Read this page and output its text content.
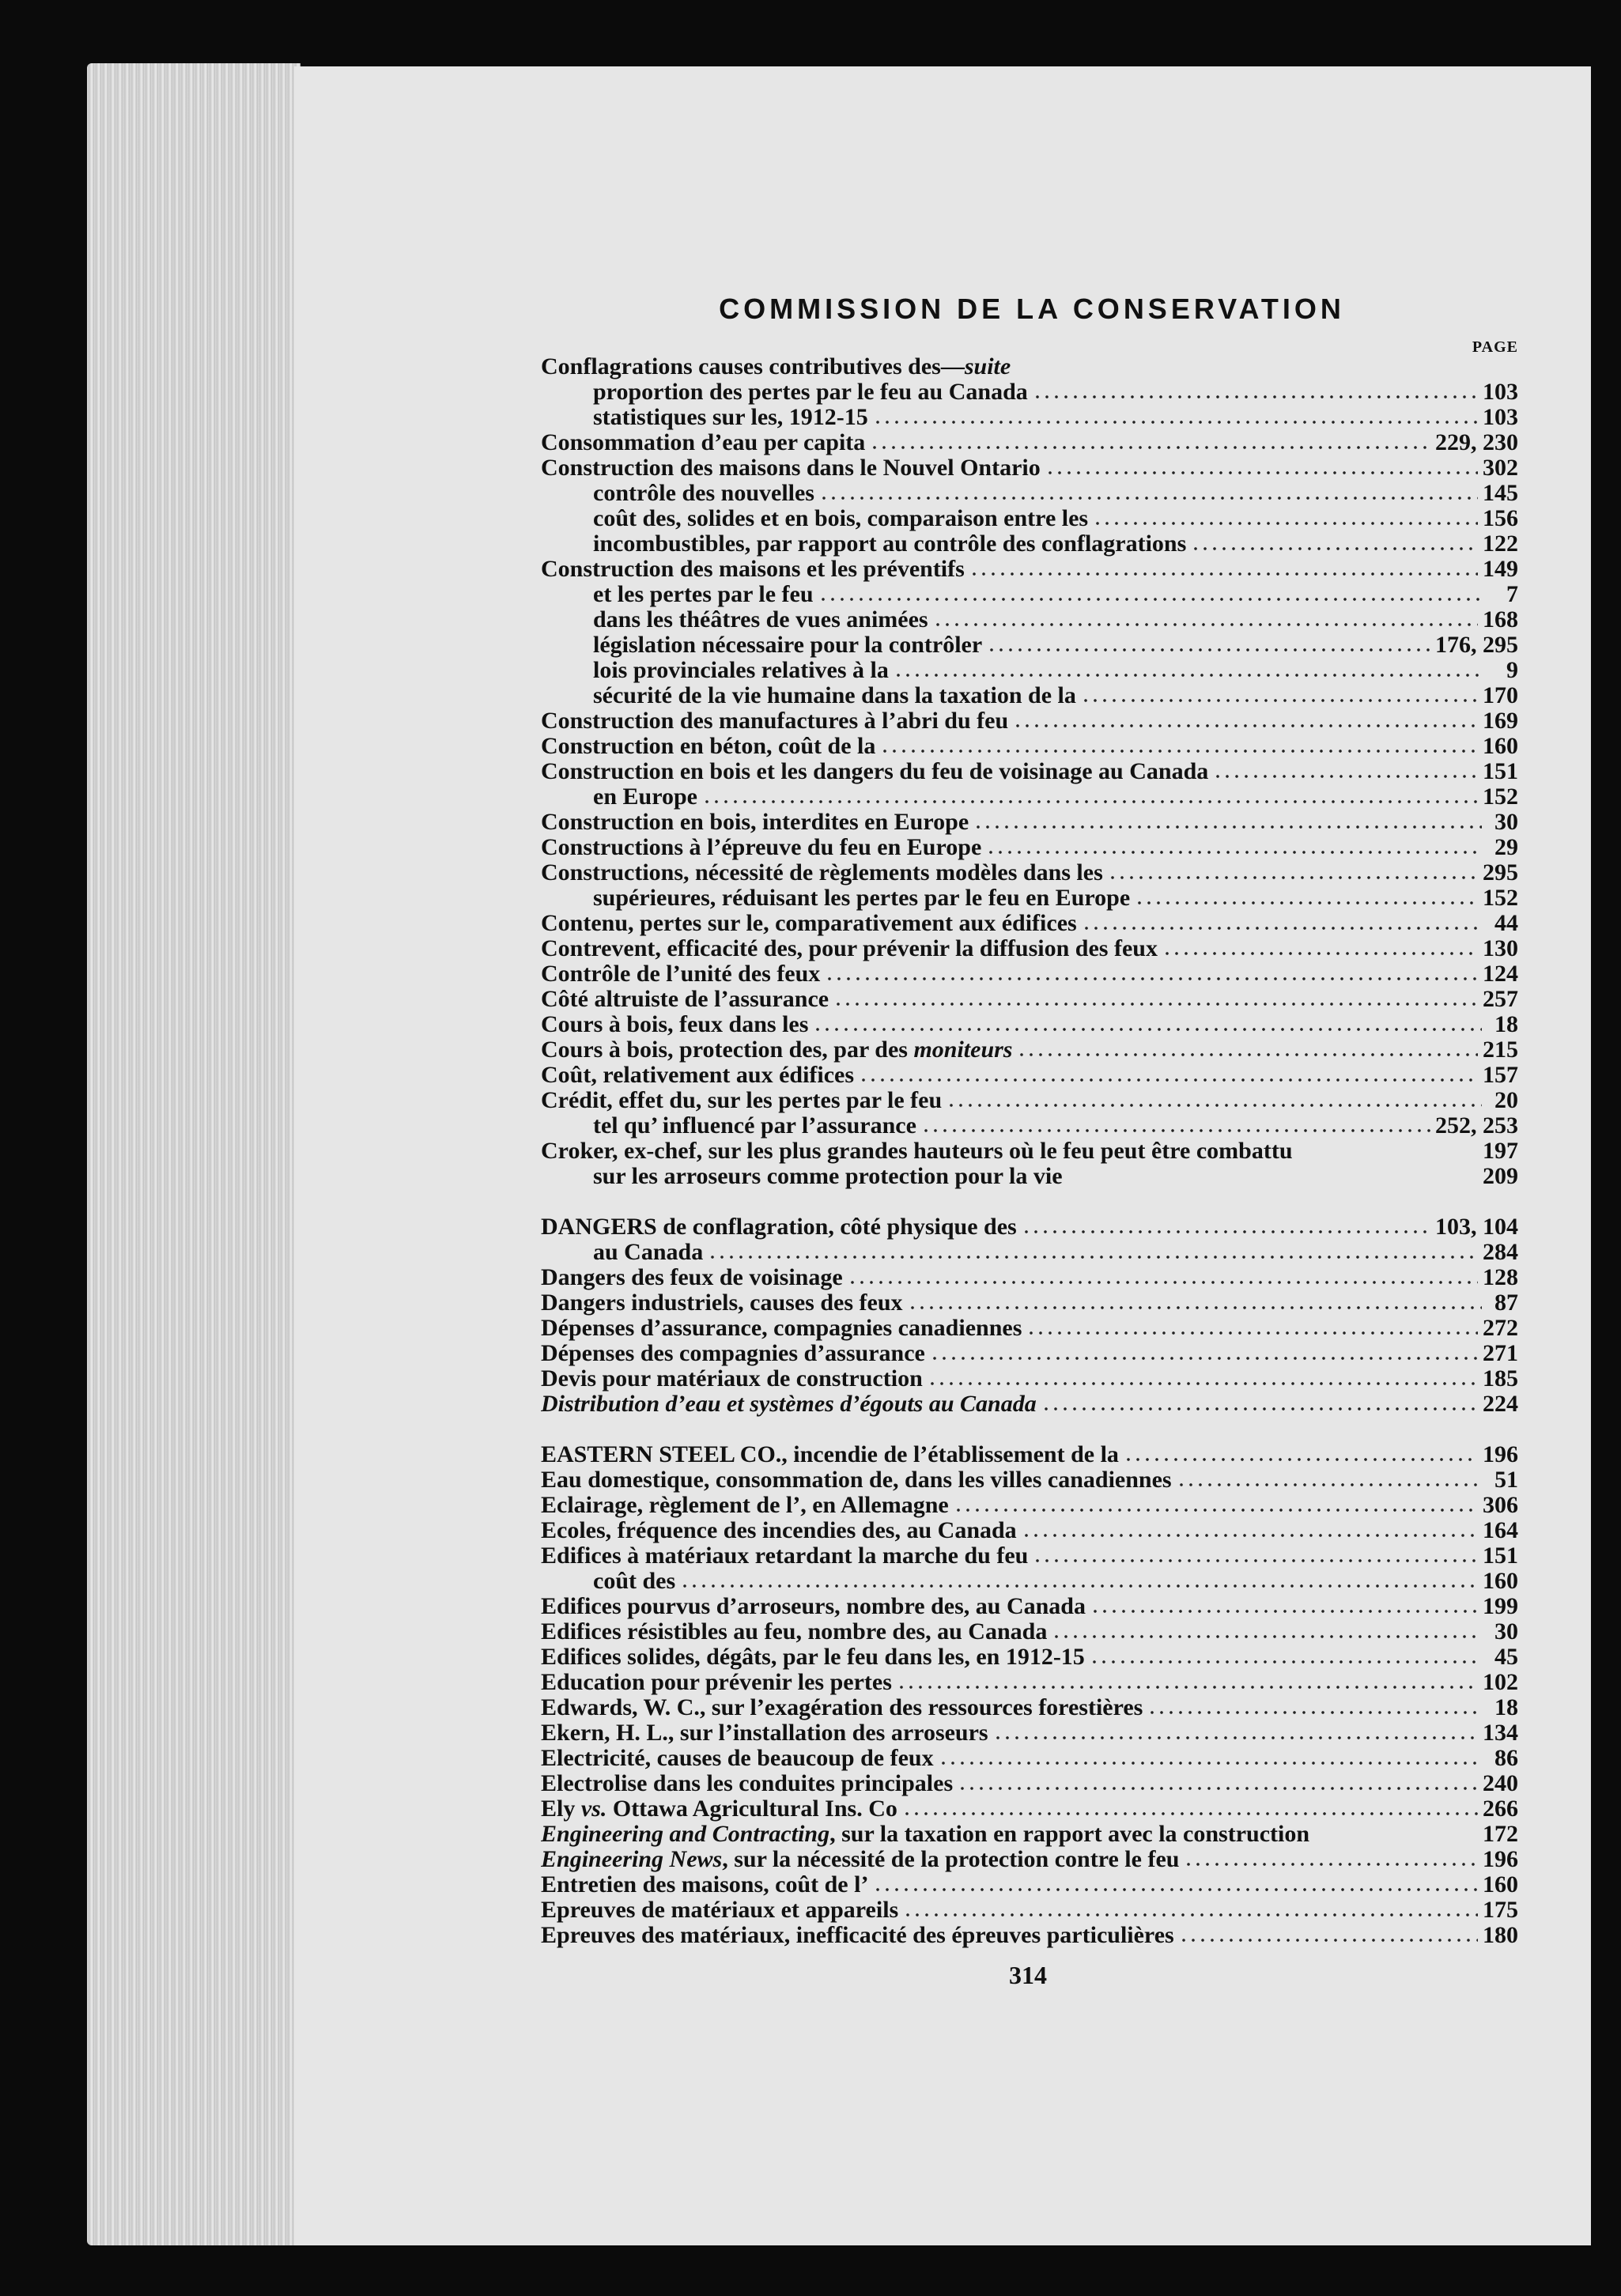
COMMISSION DE LA CONSERVATION
PAGE
Conflagrations causes contributives des—suite
proportion des pertes par le feu au Canada	103
statistiques sur les, 1912-15	103
Consommation d’eau per capita	229, 230
Construction des maisons dans le Nouvel Ontario	302
contrôle des nouvelles	145
coût des, solides et en bois, comparaison entre les	156
incombustibles, par rapport au contrôle des conflagrations	122
Construction des maisons et les préventifs	149
et les pertes par le feu	7
dans les théâtres de vues animées	168
législation nécessaire pour la contrôler	176, 295
lois provinciales relatives à la	9
sécurité de la vie humaine dans la taxation de la	170
Construction des manufactures à l’abri du feu	169
Construction en béton, coût de la	160
Construction en bois et les dangers du feu de voisinage au Canada	151
en Europe	152
Construction en bois, interdites en Europe	30
Constructions à l’épreuve du feu en Europe	29
Constructions, nécessité de règlements modèles dans les	295
supérieures, réduisant les pertes par le feu en Europe	152
Contenu, pertes sur le, comparativement aux édifices	44
Contrevent, efficacité des, pour prévenir la diffusion des feux	130
Contrôle de l’unité des feux	124
Côté altruiste de l’assurance	257
Cours à bois, feux dans les	18
Cours à bois, protection des, par des moniteurs	215
Coût, relativement aux édifices	157
Crédit, effet du, sur les pertes par le feu	20
tel qu’ influencé par l’assurance	252, 253
Croker, ex-chef, sur les plus grandes hauteurs où le feu peut être combattu	197
sur les arroseurs comme protection pour la vie	209
DANGERS de conflagration, côté physique des	103, 104
au Canada	284
Dangers des feux de voisinage	128
Dangers industriels, causes des feux	87
Dépenses d’assurance, compagnies canadiennes	272
Dépenses des compagnies d’assurance	271
Devis pour matériaux de construction	185
Distribution d’eau et systèmes d’égouts au Canada	224
EASTERN STEEL CO., incendie de l’établissement de la	196
Eau domestique, consommation de, dans les villes canadiennes	51
Eclairage, règlement de l’, en Allemagne	306
Ecoles, fréquence des incendies des, au Canada	164
Edifices à matériaux retardant la marche du feu	151
coût des	160
Edifices pourvus d’arroseurs, nombre des, au Canada	199
Edifices résistibles au feu, nombre des, au Canada	30
Edifices solides, dégâts, par le feu dans les, en 1912-15	45
Education pour prévenir les pertes	102
Edwards, W. C., sur l’exagération des ressources forestières	18
Ekern, H. L., sur l’installation des arroseurs	134
Electricité, causes de beaucoup de feux	86
Electrolise dans les conduites principales	240
Ely vs. Ottawa Agricultural Ins. Co	266
Engineering and Contracting, sur la taxation en rapport avec la construction	172
Engineering News, sur la nécessité de la protection contre le feu	196
Entretien des maisons, coût de l’	160
Epreuves de matériaux et appareils	175
Epreuves des matériaux, inefficacité des épreuves particulières	180
314
